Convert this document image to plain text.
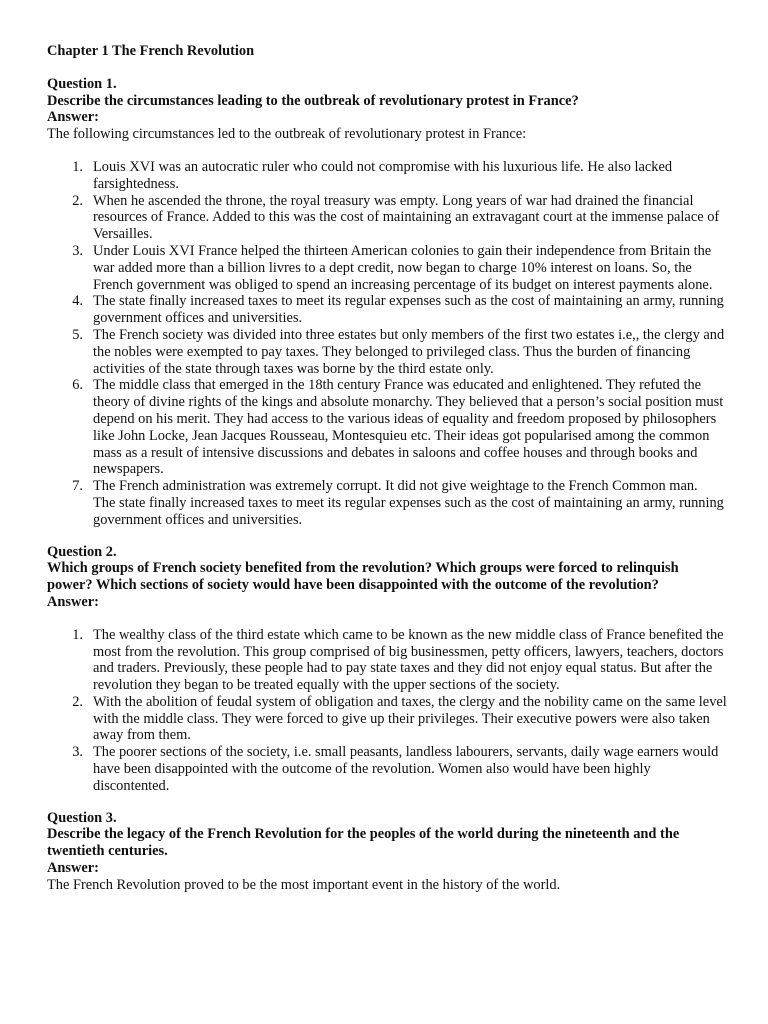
Chapter 1 The French Revolution

Question 1.

Describe the circumstances leading to the outbreak of revolutionary protest in France?

Answer:

The following circumstances led to the outbreak of revolutionary protest in France:

1. Louis XVI was an autocratic ruler who could not compromise with his luxurious life. He also lacked farsightedness.
2. When he ascended the throne, the royal treasury was empty. Long years of war had drained the financial resources of France. Added to this was the cost of maintaining an extravagant court at the immense palace of Versailles.
3. Under Louis XVI France helped the thirteen American colonies to gain their independence from Britain the war added more than a billion livres to a dept credit, now began to charge 10% interest on loans. So, the French government was obliged to spend an increasing percentage of its budget on interest payments alone.
4. The state finally increased taxes to meet its regular expenses such as the cost of maintaining an army, running government offices and universities.
5. The French society was divided into three estates but only members of the first two estates i.e,, the clergy and the nobles were exempted to pay taxes. They belonged to privileged class. Thus the burden of financing activities of the state through taxes was borne by the third estate only.
6. The middle class that emerged in the 18th century France was educated and enlightened. They refuted the theory of divine rights of the kings and absolute monarchy. They believed that a person’s social position must depend on his merit. They had access to the various ideas of equality and freedom proposed by philosophers like John Locke, Jean Jacques Rousseau, Montesquieu etc. Their ideas got popularised among the common mass as a result of intensive discussions and debates in saloons and coffee houses and through books and newspapers.
7. The French administration was extremely corrupt. It did not give weightage to the French Common man.
The state finally increased taxes to meet its regular expenses such as the cost of maintaining an army, running government offices and universities.

Question 2.

Which groups of French society benefited from the revolution? Which groups were forced to relinquish power? Which sections of society would have been disappointed with the outcome of the revolution?

Answer:

1. The wealthy class of the third estate which came to be known as the new middle class of France benefited the most from the revolution. This group comprised of big businessmen, petty officers, lawyers, teachers, doctors and traders. Previously, these people had to pay state taxes and they did not enjoy equal status. But after the revolution they began to be treated equally with the upper sections of the society.
2. With the abolition of feudal system of obligation and taxes, the clergy and the nobility came on the same level with the middle class. They were forced to give up their privileges. Their executive powers were also taken away from them.
3. The poorer sections of the society, i.e. small peasants, landless labourers, servants, daily wage earners would have been disappointed with the outcome of the revolution. Women also would have been highly discontented.

Question 3.

Describe the legacy of the French Revolution for the peoples of the world during the nineteenth and the twentieth centuries.

Answer:

The French Revolution proved to be the most important event in the history of the world.
